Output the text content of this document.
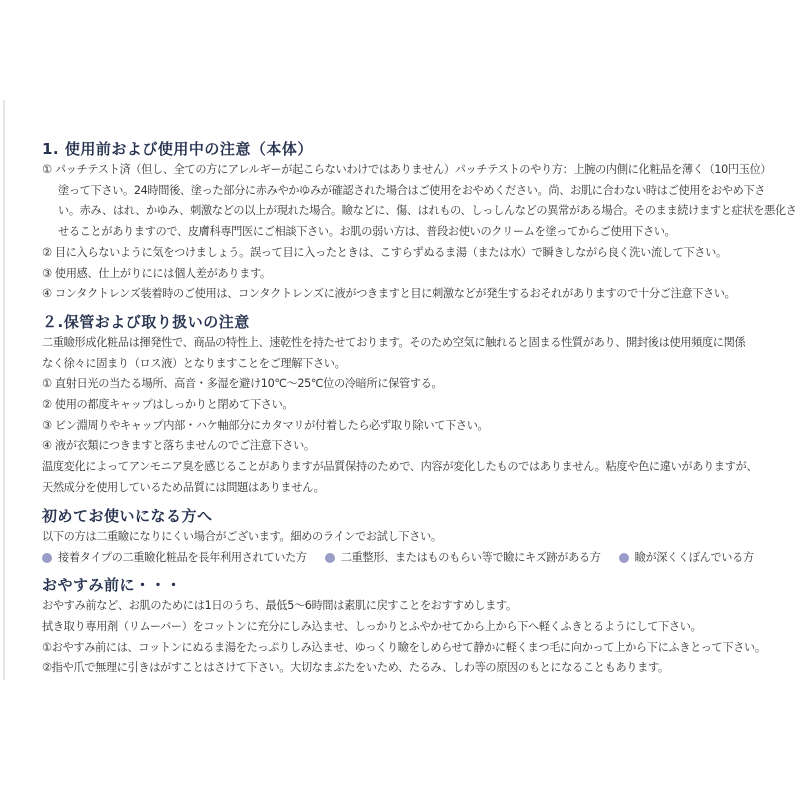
1. 使用前および使用中の注意（本体）

① パッチテスト済（但し、全ての方にアレルギーが起こらないわけではありません）パッチテストのやり方：上腕の内側に化粧品を薄く（10円玉位）

塗って下さい。24時間後、塗った部分に赤みやかゆみが確認された場合はご使用をおやめください。尚、お肌に合わない時はご使用をおやめ下さ

い。赤み、はれ、かゆみ、刺激などの以上が現れた場合。瞼などに、傷、はれもの、しっしんなどの異常がある場合。そのまま続けますと症状を悪化さ

せることがありますので、皮膚科専門医にご相談下さい。お肌の弱い方は、普段お使いのクリームを塗ってからご使用下さい。

② 目に入らないように気をつけましょう。誤って目に入ったときは、こすらずぬるま湯（または水）で瞬きしながら良く洗い流して下さい。

③ 使用感、仕上がりにには個人差があります。

④ コンタクトレンズ装着時のご使用は、コンタクトレンズに液がつきますと目に刺激などが発生するおそれがありますので十分ご注意下さい。

２.保管および取り扱いの注意

二重瞼形成化粧品は揮発性で、商品の特性上、速乾性を持たせております。そのため空気に触れると固まる性質があり、開封後は使用頻度に関係

なく徐々に固まり（ロス液）となりますことをご理解下さい。

① 直射日光の当たる場所、高音・多湿を避け10℃〜25℃位の冷暗所に保管する。

② 使用の都度キャップはしっかりと閉めて下さい。

③ ビン淵周りやキャップ内部・ハケ軸部分にカタマリが付着したら必ず取り除いて下さい。

④ 液が衣類につきますと落ちませんのでご注意下さい。

温度変化によってアンモニア臭を感じることがありますが品質保持のためで、内容が変化したものではありません。粘度や色に違いがありますが、

天然成分を使用しているため品質には問題はありません。

初めてお使いになる方へ

以下の方は二重瞼になりにくい場合がございます。細めのラインでお試し下さい。

接着タイプの二重瞼化粧品を長年利用されていた方	二重整形、またはものもらい等で瞼にキズ跡がある方	瞼が深くくぼんでいる方
おやすみ前に・・・

おやすみ前など、お肌のためには1日のうち、最低5〜6時間は素肌に戻すことをおすすめします。

拭き取り専用剤（リムーバー）をコットンに充分にしみ込ませ、しっかりとふやかせてから上から下へ軽くふきとるようにして下さい。

①おやすみ前には、コットンにぬるま湯をたっぷりしみ込ませ、ゆっくり瞼をしめらせて静かに軽くまつ毛に向かって上から下にふきとって下さい。

②指や爪で無理に引きはがすことはさけて下さい。大切なまぶたをいため、たるみ、しわ等の原因のもとになることもあります。
